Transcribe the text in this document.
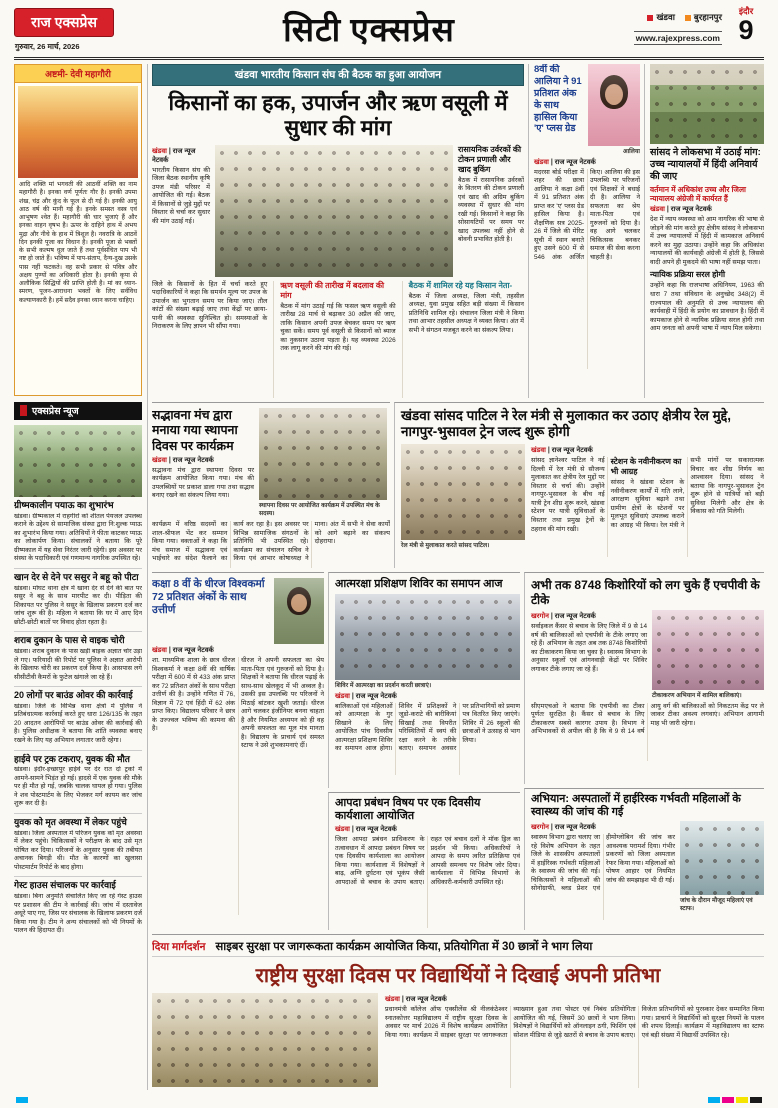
राज एक्सप्रेस
गुरुवार, 26 मार्च, 2026	सिटी एक्सप्रेस	खंडवा बुरहानपुर
www.rajexpress.com
इंदौर
9
अष्टमी- देवी महागौरी

आदि शक्ति मां भगवती की आठवीं शक्ति का नाम महागौरी है। इनका वर्ण पूर्णतः गौर है। इनकी उपमा शंख, चंद्र और कुंद के फूल से दी गई है। इनकी आयु आठ वर्ष की मानी गई है। इनके समस्त वस्त्र एवं आभूषण श्वेत हैं। महागौरी की चार भुजाएं हैं और इनका वाहन वृषभ है। ऊपर के दाहिने हाथ में अभय मुद्रा और नीचे के हाथ में त्रिशूल है। नवरात्रि के आठवें दिन इनकी पूजा का विधान है। इनकी पूजा से भक्तों के सभी कल्मष धुल जाते हैं तथा पूर्वसंचित पाप भी नष्ट हो जाते हैं। भविष्य में पाप-संताप, दैन्य-दुख उसके पास नहीं फटकते। वह सभी प्रकार से पवित्र और अक्षय पुण्यों का अधिकारी होता है। इनकी कृपा से अलौकिक सिद्धियों की प्राप्ति होती है। मां का ध्यान-स्मरण, पूजन-आराधना भक्तों के लिए सर्वविध कल्याणकारी है। हमें सदैव इनका ध्यान करना चाहिए।

एक्सप्रेस न्यूज

ग्रीष्मकालीन पयाऊ का शुभारंभ

खंडवा। ग्रीष्मकाल में राहगीरों को शीतल पेयजल उपलब्ध कराने के उद्देश्य से सामाजिक संस्था द्वारा नि:शुल्क प्याऊ का शुभारंभ किया गया। अतिथियों ने फीता काटकर प्याऊ का लोकार्पण किया। संचालकों ने बताया कि पूरे ग्रीष्मकाल में यह सेवा निरंतर जारी रहेगी। इस अवसर पर संस्था के पदाधिकारी एवं गणमान्य नागरिक उपस्थित रहे।

खान देर से देने पर ससुर ने बहू को पीटा

खंडवा। मोघट थाना क्षेत्र में खाना देर से देने की बात पर ससुर ने बहू के साथ मारपीट कर दी। पीड़िता की शिकायत पर पुलिस ने ससुर के खिलाफ प्रकरण दर्ज कर जांच शुरू की है। महिला ने बताया कि घर में आए दिन छोटी-छोटी बातों पर विवाद होता रहता है।

शराब दुकान के पास से वाइक चोरी

खंडवा। शराब दुकान के पास खड़ी बाइक अज्ञात चोर उड़ा ले गए। फरियादी की रिपोर्ट पर पुलिस ने अज्ञात आरोपी के खिलाफ चोरी का प्रकरण दर्ज किया है। आसपास लगे सीसीटीवी कैमरों के फुटेज खंगाले जा रहे हैं।

20 लोगों पर बाउंड ओवर की कार्रवाई

खंडवा। जिले के विभिन्न थाना क्षेत्रों में पुलिस ने प्रतिबंधात्मक कार्रवाई करते हुए धारा 126/135 के तहत 20 आदतन आरोपियों पर बाउंड ओवर की कार्रवाई की है। पुलिस अधीक्षक ने बताया कि शांति व्यवस्था बनाए रखने के लिए यह अभियान लगातार जारी रहेगा।

हाईवे पर ट्रक टकराए, युवक की मौत

खंडवा। इंदौर-इच्छापुर हाईवे पर देर रात दो ट्रकों में आमने-सामने भिड़ंत हो गई। हादसे में एक युवक की मौके पर ही मौत हो गई, जबकि चालक घायल हो गया। पुलिस ने शव पोस्टमार्टम के लिए भेजकर मर्ग कायम कर जांच शुरू कर दी है।

युवक को मृत अवस्था में लेकर पहुंचे

खंडवा। जिला अस्पताल में परिजन युवक को मृत अवस्था में लेकर पहुंचे। चिकित्सकों ने परीक्षण के बाद उसे मृत घोषित कर दिया। परिजनों के अनुसार युवक की तबीयत अचानक बिगड़ी थी। मौत के कारणों का खुलासा पोस्टमार्टम रिपोर्ट के बाद होगा।

गेस्ट हाउस संचालक पर कार्रवाई

खंडवा। बिना अनुमति संचालित किए जा रहे गेस्ट हाउस पर प्रशासन की टीम ने कार्रवाई की। जांच में दस्तावेज अधूरे पाए गए, जिस पर संचालक के खिलाफ प्रकरण दर्ज किया गया है। टीम ने अन्य संचालकों को भी नियमों के पालन की हिदायत दी।

खंडवा भारतीय किसान संघ की बैठक का हुआ आयोजन
किसानों का हक, उपार्जन और ऋण वसूली में सुधार की मांग

खंडवा | राज न्यूज नेटवर्क

भारतीय किसान संघ की जिला बैठक स्थानीय कृषि उपज मंडी परिसर में आयोजित की गई। बैठक में किसानों से जुड़े मुद्दों पर विस्तार से चर्चा कर सुधार की मांग उठाई गई।

रासायनिक उर्वरकों की टोकन प्रणाली और खाद बुकिंग

बैठक में रासायनिक उर्वरकों के वितरण की टोकन प्रणाली एवं खाद की अग्रिम बुकिंग व्यवस्था में सुधार की मांग रखी गई। किसानों ने कहा कि सोसायटियों पर समय पर खाद उपलब्ध नहीं होने से बोवनी प्रभावित होती है।

जिले के किसानों के हित में चर्चा करते हुए पदाधिकारियों ने कहा कि समर्थन मूल्य पर उपज के उपार्जन का भुगतान समय पर किया जाए। तौल कांटों की संख्या बढ़ाई जाए तथा केंद्रों पर छाया-पानी की व्यवस्था सुनिश्चित हो। समस्याओं के निराकरण के लिए ज्ञापन भी सौंपा गया।

ऋण वसूली की तारीख में बदलाव की मांग

बैठक में मांग उठाई गई कि फसल ऋण वसूली की तारीख 28 मार्च से बढ़ाकर 30 अप्रैल की जाए, ताकि किसान अपनी उपज बेचकर समय पर ऋण चुका सकें। समय पूर्व वसूली से किसानों को ब्याज का नुकसान उठाना पड़ता है। यह व्यवस्था 2026 तक लागू करने की मांग की गई।

बैठक में शामिल रहे यह किसान नेता-

बैठक में जिला अध्यक्ष, जिला मंत्री, तहसील अध्यक्ष, युवा प्रमुख सहित बड़ी संख्या में किसान प्रतिनिधि शामिल रहे। संचालन जिला मंत्री ने किया तथा आभार तहसील अध्यक्ष ने व्यक्त किया। अंत में सभी ने संगठन मजबूत करने का संकल्प लिया।

8वीं की आलिया ने 91 प्रतिशत अंक के साथ हासिल किया 'ए' प्लस ग्रेड

आलिया

खंडवा | राज न्यूज नेटवर्क

मदरसा बोर्ड परीक्षा में शहर की छात्रा आलिया ने कक्षा 8वीं में 91 प्रतिशत अंक प्राप्त कर 'ए' प्लस ग्रेड हासिल किया है। शैक्षणिक सत्र 2025-26 में जिले की मेरिट सूची में स्थान बनाते हुए उसने 600 में से 546 अंक अर्जित किए। आलिया की इस उपलब्धि पर परिजनों एवं शिक्षकों ने बधाई दी है। आलिया ने सफलता का श्रेय माता-पिता एवं गुरुजनों को दिया है। वह आगे चलकर चिकित्सक बनकर समाज की सेवा करना चाहती है।

सांसद ने लोकसभा में उठाई मांग: उच्च न्यायालयों में हिंदी अनिवार्य की जाए

वर्तमान में अधिकांश उच्च और जिला न्यायालय अंग्रेजी में कार्यरत हैं

खंडवा | राज न्यूज नेटवर्क

देश में न्याय व्यवस्था को आम नागरिक की भाषा से जोड़ने की मांग करते हुए क्षेत्रीय सांसद ने लोकसभा में उच्च न्यायालयों में हिंदी में कामकाज अनिवार्य करने का मुद्दा उठाया। उन्होंने कहा कि अधिकांश न्यायालयों की कार्यवाही अंग्रेजी में होती है, जिससे वादी अपने ही मुकदमे की भाषा नहीं समझ पाता।

न्यायिक प्रक्रिया सरल होगी

उन्होंने कहा कि राजभाषा अधिनियम, 1963 की धारा 7 तथा संविधान के अनुच्छेद 348(2) में राज्यपाल की अनुमति से उच्च न्यायालय की कार्यवाही में हिंदी के प्रयोग का प्रावधान है। हिंदी में कामकाज होने से न्यायिक प्रक्रिया सरल होगी तथा आम जनता को अपनी भाषा में न्याय मिल सकेगा।

सद्भावना मंच द्वारा मनाया गया स्थापना दिवस पर कार्यक्रम

खंडवा | राज न्यूज नेटवर्क

सद्भावना मंच द्वारा स्थापना दिवस पर कार्यक्रम आयोजित किया गया। मंच की उपलब्धियों पर प्रकाश डाला गया तथा सद्भाव बनाए रखने का संकल्प लिया गया।

स्थापना दिवस पर आयोजित कार्यक्रम में उपस्थित मंच के सदस्य।

कार्यक्रम में वरिष्ठ सदस्यों का शाल-श्रीफल भेंट कर सम्मान किया गया। वक्ताओं ने कहा कि मंच समाज में सद्भावना एवं भाईचारे का संदेश फैलाने का कार्य कर रहा है। इस अवसर पर विभिन्न सामाजिक संगठनों के प्रतिनिधि भी उपस्थित रहे। कार्यक्रम का संचालन सचिव ने किया एवं आभार कोषाध्यक्ष ने माना। अंत में सभी ने सेवा कार्यों को आगे बढ़ाने का संकल्प दोहराया।

खंडवा सांसद पाटिल ने रेल मंत्री से मुलाकात कर उठाए क्षेत्रीय रेल मुद्दे, नागपुर-भुसावल ट्रेन जल्द शुरू होगी

रेल मंत्री से मुलाकात करते सांसद पाटिल।

खंडवा | राज न्यूज नेटवर्क

सांसद ज्ञानेश्वर पाटिल ने नई दिल्ली में रेल मंत्री से सौजन्य मुलाकात कर क्षेत्रीय रेल मुद्दों पर विस्तार से चर्चा की। उन्होंने नागपुर-भुसावल के बीच नई यात्री ट्रेन शीघ्र शुरू करने, खंडवा स्टेशन पर यात्री सुविधाओं के विस्तार तथा प्रमुख ट्रेनों के ठहराव की मांग रखी।

स्टेशन के नवीनीकरण का भी आग्रह

सांसद ने खंडवा स्टेशन के नवीनीकरण कार्यों में गति लाने, आरक्षण सुविधा बढ़ाने तथा ग्रामीण क्षेत्रों के स्टेशनों पर मूलभूत सुविधाएं उपलब्ध कराने का आग्रह भी किया। रेल मंत्री ने सभी मांगों पर सकारात्मक विचार कर शीघ्र निर्णय का आश्वासन दिया। सांसद ने बताया कि नागपुर-भुसावल ट्रेन शुरू होने से यात्रियों को बड़ी सुविधा मिलेगी और क्षेत्र के विकास को गति मिलेगी।

कक्षा 8 वीं के धीरज विश्वकर्मा 72 प्रतिशत अंकों के साथ उत्तीर्ण

खंडवा | राज न्यूज नेटवर्क

शा. माध्यमिक शाला के छात्र धीरज विश्वकर्मा ने कक्षा 8वीं की वार्षिक परीक्षा में 600 में से 433 अंक प्राप्त कर 72 प्रतिशत अंकों के साथ परीक्षा उत्तीर्ण की है। उन्होंने गणित में 76, विज्ञान में 72 एवं हिंदी में 62 अंक प्राप्त किए। विद्यालय परिवार ने छात्र के उज्ज्वल भविष्य की कामना की है।

धीरज ने अपनी सफलता का श्रेय माता-पिता एवं गुरुजनों को दिया है। शिक्षकों ने बताया कि धीरज पढ़ाई के साथ-साथ खेलकूद में भी अव्वल है। उसकी इस उपलब्धि पर परिजनों ने मिठाई बांटकर खुशी जताई। धीरज आगे चलकर इंजीनियर बनना चाहता है और नियमित अध्ययन को ही वह अपनी सफलता का मूल मंत्र मानता है। विद्यालय के प्राचार्य एवं समस्त स्टाफ ने उसे शुभकामनाएं दीं।

आत्मरक्षा प्रशिक्षण शिविर का समापन आज

शिविर में आत्मरक्षा का प्रदर्शन करती छात्राएं।

खंडवा | राज न्यूज नेटवर्क

बालिकाओं एवं महिलाओं को आत्मरक्षा के गुर सिखाने के लिए आयोजित पांच दिवसीय आत्मरक्षा प्रशिक्षण शिविर का समापन आज होगा। शिविर में प्रशिक्षकों ने जूडो-कराटे की बारीकियां सिखाईं तथा विपरीत परिस्थितियों में स्वयं की रक्षा करने के तरीके बताए। समापन अवसर पर प्रतिभागियों को प्रमाण पत्र वितरित किए जाएंगे। शिविर में 26 स्कूलों की छात्राओं ने उत्साह से भाग लिया।

अभी तक 8748 किशोरियों को लग चुके हैं एचपीवी के टीके

खरगोन | राज न्यूज नेटवर्क

सर्वाइकल कैंसर से बचाव के लिए जिले में 9 से 14 वर्ष की बालिकाओं को एचपीवी के टीके लगाए जा रहे हैं। अभियान के तहत अब तक 8748 किशोरियों का टीकाकरण किया जा चुका है। स्वास्थ्य विभाग के अनुसार स्कूलों एवं आंगनवाड़ी केंद्रों पर शिविर लगाकर टीके लगाए जा रहे हैं।

टीकाकरण अभियान में शामिल बालिकाएं।

सीएमएचओ ने बताया कि एचपीवी का टीका पूर्णतः सुरक्षित है। कैंसर से बचाव के लिए टीकाकरण सबसे कारगर उपाय है। विभाग ने अभिभावकों से अपील की है कि वे 9 से 14 वर्ष आयु वर्ग की बालिकाओं को निकटतम केंद्र पर ले जाकर टीका अवश्य लगवाएं। अभियान आगामी माह भी जारी रहेगा।

आपदा प्रबंधन विषय पर एक दिवसीय कार्यशाला आयोजित

खंडवा | राज न्यूज नेटवर्क

जिला आपदा प्रबंधन प्राधिकरण के तत्वावधान में आपदा प्रबंधन विषय पर एक दिवसीय कार्यशाला का आयोजन किया गया। कार्यशाला में विशेषज्ञों ने बाढ़, अग्नि दुर्घटना एवं भूकंप जैसी आपदाओं से बचाव के उपाय बताए। राहत एवं बचाव दलों ने मॉक ड्रिल का प्रदर्शन भी किया। अधिकारियों ने आपदा के समय त्वरित प्रतिक्रिया एवं आपसी समन्वय पर विशेष जोर दिया। कार्यशाला में विभिन्न विभागों के अधिकारी-कर्मचारी उपस्थित रहे।

अभियान: अस्पतालों में हाईरिस्क गर्भवती महिलाओं के स्वास्थ्य की जांच की गई

खरगोन | राज न्यूज नेटवर्क

स्वास्थ्य विभाग द्वारा चलाए जा रहे विशेष अभियान के तहत जिले के शासकीय अस्पतालों में हाईरिस्क गर्भवती महिलाओं के स्वास्थ्य की जांच की गई। चिकित्सकों ने महिलाओं की सोनोग्राफी, ब्लड प्रेशर एवं हीमोग्लोबिन की जांच कर आवश्यक परामर्श दिया। गंभीर प्रकरणों को जिला अस्पताल रेफर किया गया। महिलाओं को पोषण आहार एवं नियमित जांच की समझाइश भी दी गई।

जांच के दौरान मौजूद महिलाएं एवं स्टाफ।

दिया मार्गदर्शन साइबर सुरक्षा पर जागरूकता कार्यक्रम आयोजित किया, प्रतियोगिता में 30 छात्रों ने भाग लिया
राष्ट्रीय सुरक्षा दिवस पर विद्यार्थियों ने दिखाई अपनी प्रतिभा

खंडवा | राज न्यूज नेटवर्क

प्रधानमंत्री कॉलेज ऑफ एक्सीलेंस श्री नीलकंठेश्वर स्नातकोत्तर महाविद्यालय में राष्ट्रीय सुरक्षा दिवस के अवसर पर मार्च 2026 में विशेष कार्यक्रम आयोजित किया गया। कार्यक्रम में साइबर सुरक्षा पर जागरूकता व्याख्यान हुआ तथा पोस्टर एवं निबंध प्रतियोगिता आयोजित की गई, जिसमें 30 छात्रों ने भाग लिया। विशेषज्ञों ने विद्यार्थियों को ऑनलाइन ठगी, फिशिंग एवं सोशल मीडिया से जुड़े खतरों से बचाव के उपाय बताए। विजेता प्रतिभागियों को पुरस्कार देकर सम्मानित किया गया। प्राचार्य ने विद्यार्थियों को सुरक्षा नियमों के पालन की शपथ दिलाई। कार्यक्रम में महाविद्यालय का स्टाफ एवं बड़ी संख्या में विद्यार्थी उपस्थित रहे।
